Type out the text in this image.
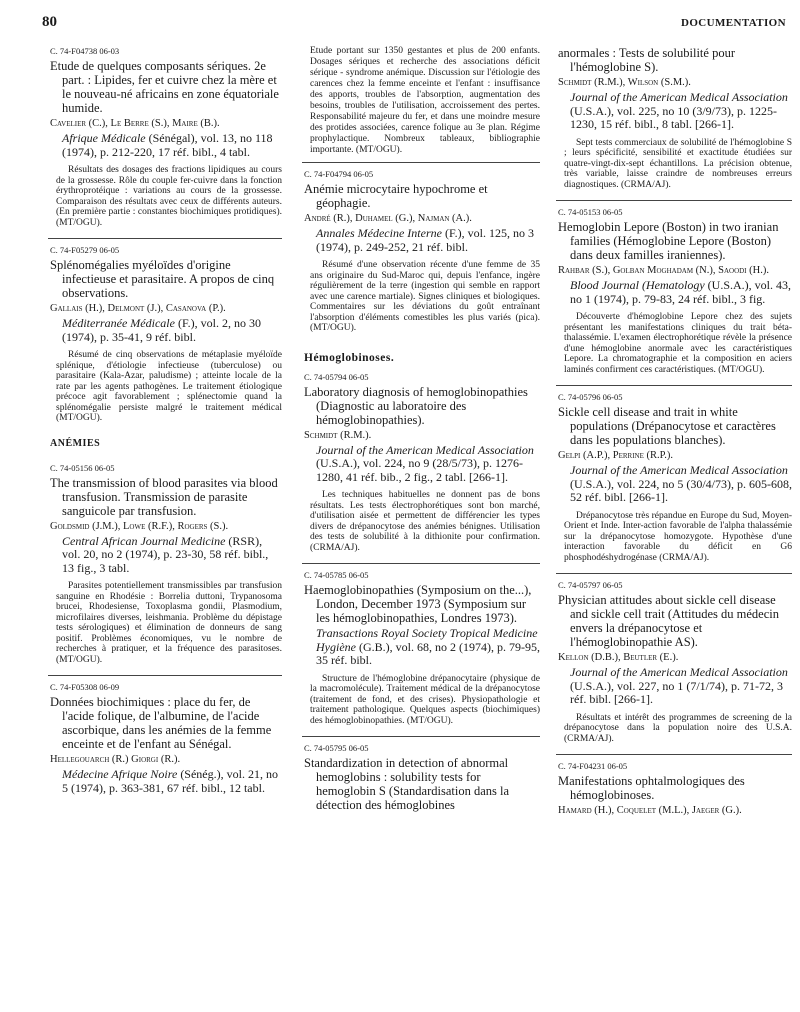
80	DOCUMENTATION
C. 74-F04738 06-03
Etude de quelques composants sériques. 2e part. : Lipides, fer et cuivre chez la mère et le nouveau-né africains en zone équatoriale humide.
Cavelier (C.), Le Berre (S.), Maire (B.).
Afrique Médicale (Sénégal), vol. 13, no 118 (1974), p. 212-220, 17 réf. bibl., 4 tabl.
Résultats des dosages des fractions lipidiques au cours de la grossesse. Rôle du couple fer-cuivre dans la fonction érythroprotéique : variations au cours de la grossesse. Comparaison des résultats avec ceux de différents auteurs. (En première partie : constantes biochimiques protidiques). (MT/OGU).
C. 74-F05279 06-05
Splénomégalies myéloïdes d'origine infectieuse et parasitaire. A propos de cinq observations.
Gallais (H.), Delmont (J.), Casanova (P.).
Méditerranée Médicale (F.), vol. 2, no 30 (1974), p. 35-41, 9 réf. bibl.
Résumé de cinq observations de métaplasie myéloïde splénique, d'étiologie infectieuse (tuberculose) ou parasitaire (Kala-Azar, paludisme) ; atteinte locale de la rate par les agents pathogènes. Le traitement étiologique précoce agit favorablement ; splénectomie quand la splénomégalie persiste malgré le traitement médical (MT/OGU).
ANÉMIES
C. 74-05156 06-05
The transmission of blood parasites via blood transfusion. Transmission de parasite sanguicole par transfusion.
Goldsmid (J.M.), Lowe (R.F.), Rogers (S.).
Central African Journal Medicine (RSR), vol. 20, no 2 (1974), p. 23-30, 58 réf. bibl., 13 fig., 3 tabl.
Parasites potentiellement transmissibles par transfusion sanguine en Rhodésie : Borrelia duttoni, Trypanosoma brucei, Rhodesiense, Toxoplasma gondii, Plasmodium, microfilaires diverses, leishmania. Problème du dépistage tests sérologiques) et élimination de donneurs de sang positif. Problèmes économiques, vu le nombre de recherches à pratiquer, et la fréquence des parasitoses. (MT/OGU).
C. 74-F05308 06-09
Données biochimiques : place du fer, de l'acide folique, de l'albumine, de l'acide ascorbique, dans les anémies de la femme enceinte et de l'enfant au Sénégal.
Hellegouarch (R.) Giorgi (R.).
Médecine Afrique Noire (Sénég.), vol. 21, no 5 (1974), p. 363-381, 67 réf. bibl., 12 tabl.
Etude portant sur 1350 gestantes et plus de 200 enfants. Dosages sériques et recherche des associations déficit sérique - syndrome anémique. Discussion sur l'étiologie des carences chez la femme enceinte et l'enfant : insuffisance des apports, troubles de l'absorption, augmentation des besoins, troubles de l'utilisation, accroissement des pertes. Responsabilité majeure du fer, et dans une moindre mesure des protides associées, carence folique au 3e plan. Régime prophylactique. Nombreux tableaux, bibliographie importante. (MT/OGU).
C. 74-F04794 06-05
Anémie microcytaire hypochrome et géophagie.
André (R.), Duhamel (G.), Najman (A.).
Annales Médecine Interne (F.), vol. 125, no 3 (1974), p. 249-252, 21 réf. bibl.
Résumé d'une observation récente d'une femme de 35 ans originaire du Sud-Maroc qui, depuis l'enfance, ingère régulièrement de la terre (ingestion qui semble en rapport avec une carence martiale). Signes cliniques et biologiques. Commentaires sur les déviations du goût entraînant l'absorption d'éléments comestibles les plus variés (pica). (MT/OGU).
Hémoglobinoses.
C. 74-05794 06-05
Laboratory diagnosis of hemoglobinopathies (Diagnostic au laboratoire des hémoglobinopathies).
Schmidt (R.M.).
Journal of the American Medical Association (U.S.A.), vol. 224, no 9 (28/5/73), p. 1276-1280, 41 réf. bib., 2 fig., 2 tabl. [266-1].
Les techniques habituelles ne donnent pas de bons résultats. Les tests électrophorétiques sont bon marché, d'utilisation aisée et permettent de différencier les types divers de drépanocytose des anémies bénignes. Utilisation des tests de solubilité à la dithionite pour confirmation. (CRMA/AJ).
C. 74-05785 06-05
Haemoglobinopathies (Symposium on the...), London, December 1973 (Symposium sur les hémoglobinopathies, Londres 1973).
Transactions Royal Society Tropical Medicine Hygiène (G.B.), vol. 68, no 2 (1974), p. 79-95, 35 réf. bibl.
Structure de l'hémoglobine drépanocytaire (physique de la macromolécule). Traitement médical de la drépanocytose (traitement de fond, et des crises). Physiopathologie et traitement pathologique. Quelques aspects (biochimiques) des hémoglobinopathies. (MT/OGU).
C. 74-05795 06-05
Standardization in detection of abnormal hemoglobins : solubility tests for hemoglobin S (Standardisation dans la détection des hémoglobines
anormales : Tests de solubilité pour l'hémoglobine S).
Schmidt (R.M.), Wilson (S.M.).
Journal of the American Medical Association (U.S.A.), vol. 225, no 10 (3/9/73), p. 1225-1230, 15 réf. bibl., 8 tabl. [266-1].
Sept tests commerciaux de solubilité de l'hémoglobine S ; leurs spécificité, sensibilité et exactitude étudiées sur quatre-vingt-dix-sept échantillons. La précision obtenue, très variable, laisse craindre de nombreuses erreurs diagnostiques. (CRMA/AJ).
C. 74-05153 06-05
Hemoglobin Lepore (Boston) in two iranian families (Hémoglobine Lepore (Boston) dans deux familles iraniennes).
Rahbar (S.), Golban Moghadam (N.), Saoodi (H.).
Blood Journal (Hematology (U.S.A.), vol. 43, no 1 (1974), p. 79-83, 24 réf. bibl., 3 fig.
Découverte d'hémoglobine Lepore chez des sujets présentant les manifestations cliniques du trait béta-thalassémie. L'examen électrophorétique révèle la présence d'une hémoglobine anormale avec les caractéristiques Lepore. La chromatographie et la composition en aciers laminés confirment ces caractéristiques. (MT/OGU).
C. 74-05796 06-05
Sickle cell disease and trait in white populations (Drépanocytose et caractères dans les populations blanches).
Gelpi (A.P.), Perrine (R.P.).
Journal of the American Medical Association (U.S.A.), vol. 224, no 5 (30/4/73), p. 605-608, 52 réf. bibl. [266-1].
Drépanocytose très répandue en Europe du Sud, Moyen-Orient et Inde. Inter-action favorable de l'alpha thalassémie sur la drépanocytose homozygote. Hypothèse d'une interaction favorable du déficit en G6 phosphodéshydrogénase (CRMA/AJ).
C. 74-05797 06-05
Physician attitudes about sickle cell disease and sickle cell trait (Attitudes du médecin envers la drépanocytose et l'hémoglobinopathie AS).
Kellon (D.B.), Beutler (E.).
Journal of the American Medical Association (U.S.A.), vol. 227, no 1 (7/1/74), p. 71-72, 3 réf. bibl. [266-1].
Résultats et intérêt des programmes de screening de la drépanocytose dans la population noire des U.S.A. (CRMA/AJ).
C. 74-F04231 06-05
Manifestations ophtalmologiques des hémoglobinoses.
Hamard (H.), Coquelet (M.L.), Jaeger (G.).
